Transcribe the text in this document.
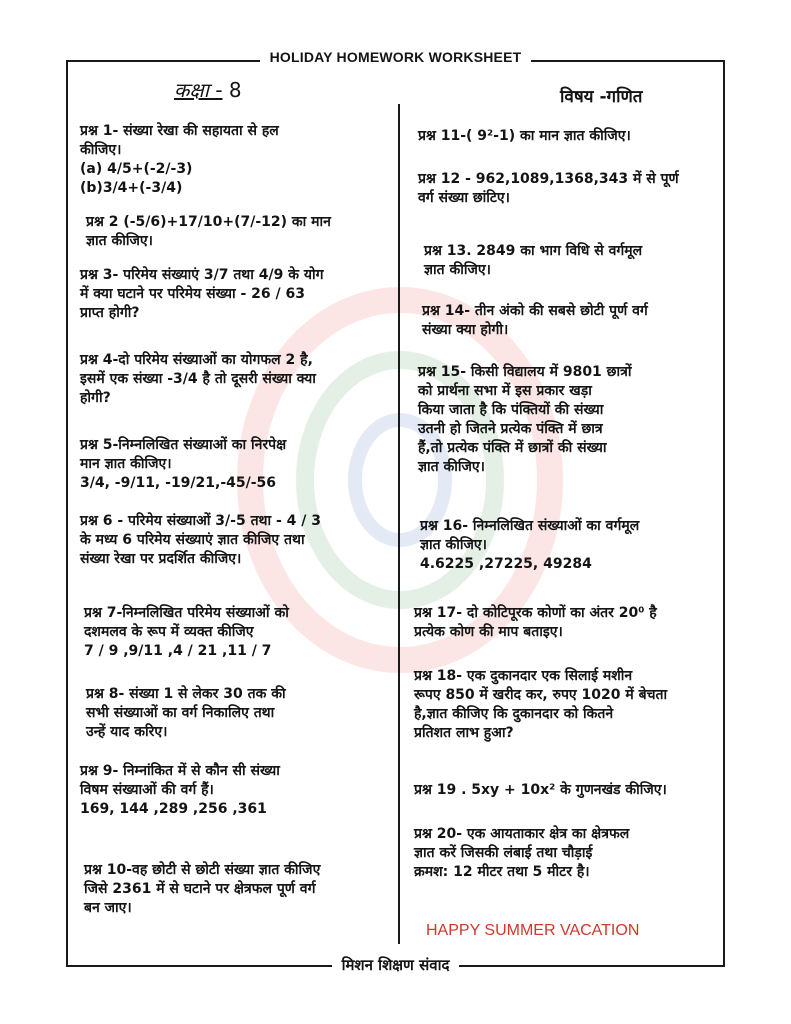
HOLIDAY HOMEWORK WORKSHEET
कक्षा - 8	विषय -गणित
प्रश्न 1- संख्या रेखा की सहायता से हल
कीजिए।
(a) 4/5+(-2/-3)
(b)3/4+(-3/4)
प्रश्न 2 (-5/6)+17/10+(7/-12) का मान
ज्ञात कीजिए।
प्रश्न 3- परिमेय संख्याएं 3/7 तथा 4/9 के योग
में क्या घटाने पर परिमेय संख्या - 26 / 63
प्राप्त होगी?
प्रश्न 4-दो परिमेय संख्याओं का योगफल 2 है,
इसमें एक संख्या -3/4 है तो दूसरी संख्या क्या
होगी?
प्रश्न 5-निम्नलिखित संख्याओं का निरपेक्ष
मान ज्ञात कीजिए।
3/4, -9/11, -19/21,-45/-56
प्रश्न 6 - परिमेय संख्याओं 3/-5 तथा - 4 / 3
के मध्य 6 परिमेय संख्याएं ज्ञात कीजिए तथा
संख्या रेखा पर प्रदर्शित कीजिए।
प्रश्न 7-निम्नलिखित परिमेय संख्याओं को
दशमलव के रूप में व्यक्त कीजिए
7 / 9 ,9/11 ,4 / 21 ,11 / 7
प्रश्न 8- संख्या 1 से लेकर 30 तक की
सभी संख्याओं का वर्ग निकालिए तथा
उन्हें याद करिए।
प्रश्न 9- निम्नांकित में से कौन सी संख्या
विषम संख्याओं की वर्ग हैं।
169, 144 ,289 ,256 ,361
प्रश्न 10-वह छोटी से छोटी संख्या ज्ञात कीजिए
जिसे 2361 में से घटाने पर क्षेत्रफल पूर्ण वर्ग
बन जाए।
प्रश्न 11-( 9²-1) का मान ज्ञात कीजिए।
प्रश्न 12 - 962,1089,1368,343 में से पूर्ण
वर्ग संख्या छांटिए।
प्रश्न 13. 2849 का भाग विधि से वर्गमूल
ज्ञात कीजिए।
प्रश्न 14- तीन अंको की सबसे छोटी पूर्ण वर्ग
संख्या क्या होगी।
प्रश्न 15- किसी विद्यालय में 9801 छात्रों
को प्रार्थना सभा में इस प्रकार खड़ा
किया जाता है कि पंक्तियों की संख्या
उतनी हो जितने प्रत्येक पंक्ति में छात्र
हैं,तो प्रत्येक पंक्ति में छात्रों की संख्या
ज्ञात कीजिए।
प्रश्न 16- निम्नलिखित संख्याओं का वर्गमूल
ज्ञात कीजिए।
4.6225 ,27225, 49284
प्रश्न 17- दो कोटिपूरक कोणों का अंतर 20⁰ है
प्रत्येक कोण की माप बताइए।
प्रश्न 18- एक दुकानदार एक सिलाई मशीन
रूपए 850 में खरीद कर, रुपए 1020 में बेचता
है,ज्ञात कीजिए कि दुकानदार को कितने
प्रतिशत लाभ हुआ?
प्रश्न 19 . 5xy + 10x² के गुणनखंड कीजिए।
प्रश्न 20- एक आयताकार क्षेत्र का क्षेत्रफल
ज्ञात करें जिसकी लंबाई तथा चौड़ाई
क्रमश: 12 मीटर तथा 5 मीटर है।
HAPPY SUMMER VACATION
मिशन शिक्षण संवाद
